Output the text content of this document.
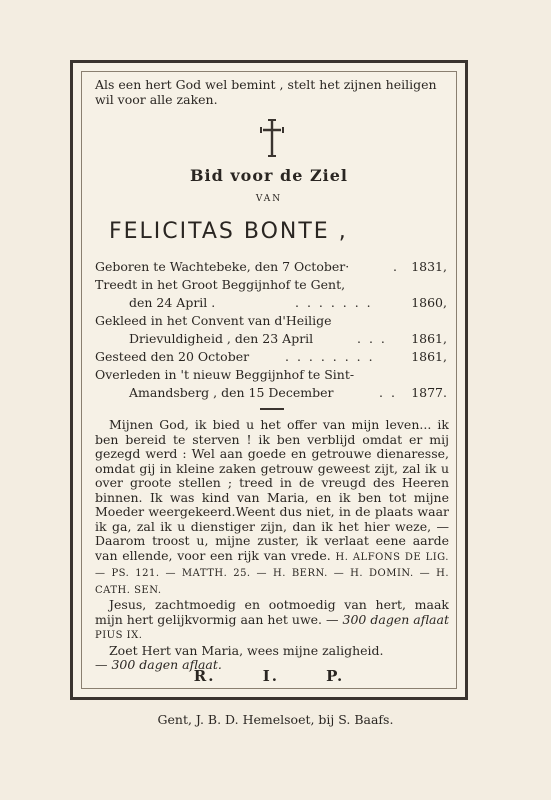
Als een hert God wel bemint , stelt het zijnen heiligen wil voor alle zaken.
Bid voor de Ziel
VAN
FELICITAS BONTE ,
Geboren te Wachtebeke, den 7 October·	. 1831,
Treedt in het Groot Beggijnhof te Gent,
den 24 April .	. . . . . . .	1860,
Gekleed in het Convent van d'Heilige
Drievuldigheid , den 23 April	. . . 1861,
Gesteed den 20 October	. . . . . . . .	1861,
Overleden in 't nieuw Beggijnhof te Sint-
Amandsberg , den 15 December	. . 1877.

Mijnen God, ik bied u het offer van mijn leven... ik ben bereid te sterven ! ik ben verblijd omdat er mij gezegd werd : Wel aan goede en getrouwe dienaresse, omdat gij in kleine zaken getrouw geweest zijt, zal ik u over groote stellen ; treed in de vreugd des Heeren binnen. Ik was kind van Maria, en ik ben tot mijne Moeder weergekeerd.Weent dus niet, in de plaats waar ik ga, zal ik u dienstiger zijn, dan ik het hier weze, — Daarom troost u, mijne zuster, ik verlaat eene aarde van ellende, voor een rijk van vrede. H. ALFONS DE LIG. — PS. 121. — MATTH. 25. — H. BERN. — H. DOMIN. — H. CATH. SEN.

Jesus, zachtmoedig en ootmoedig van hert, maak mijn hert gelijkvormig aan het uwe. — 300 dagen aflaat PIUS IX.

Zoet Hert van Maria, wees mijne zaligheid.
— 300 dagen aflaat.

R. I. P.
Gent, J. B. D. Hemelsoet, bij S. Baafs.
